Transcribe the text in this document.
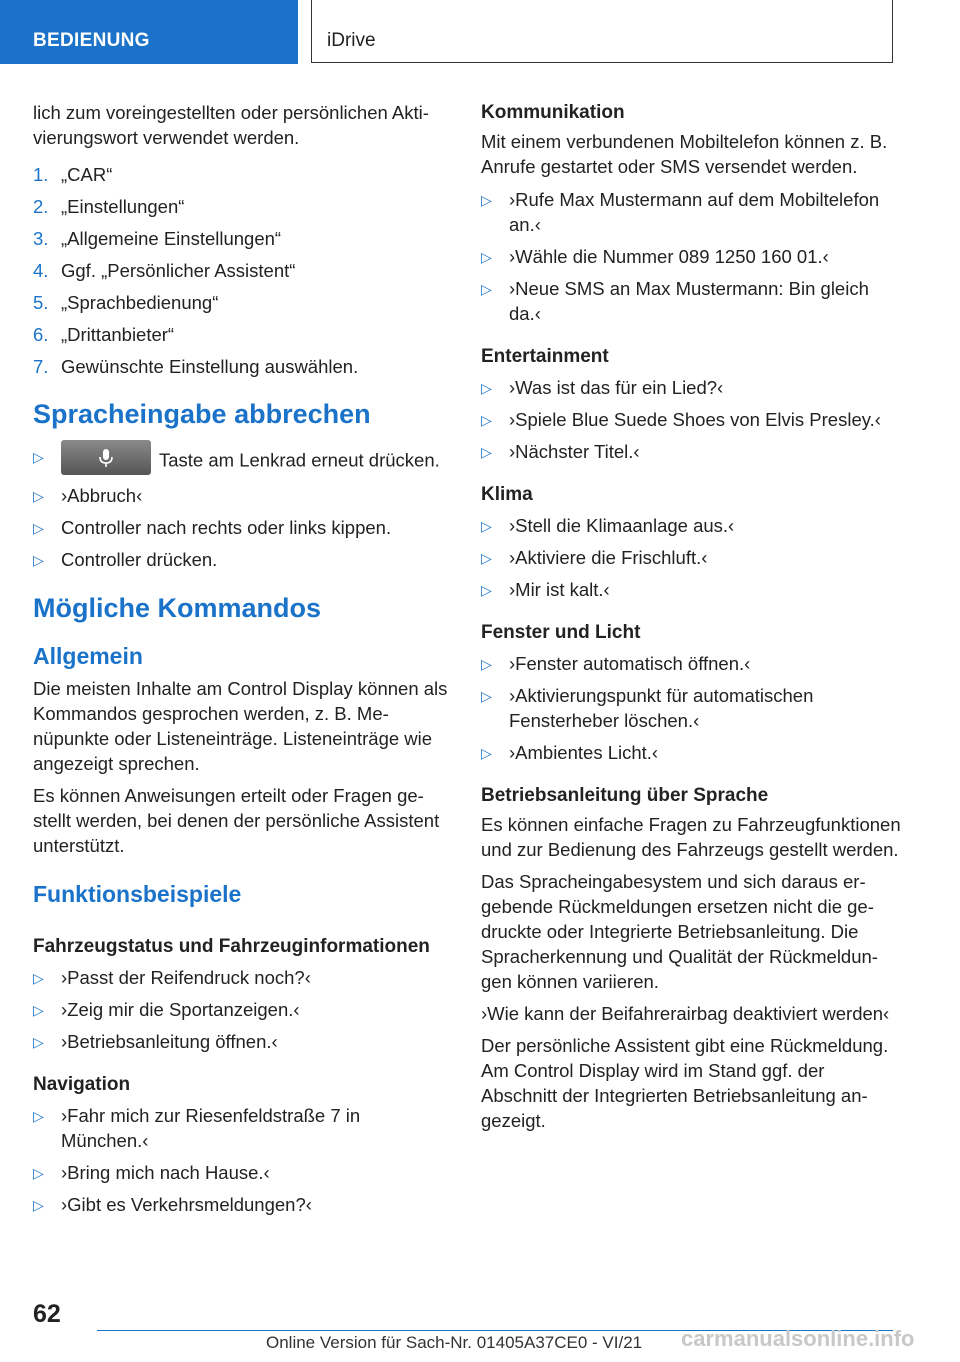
BEDIENUNG	iDrive

lich zum voreingestellten oder persönlichen Aktivierungswort verwendet werden.

1. „CAR“
2. „Einstellungen“
3. „Allgemeine Einstellungen“
4. Ggf. „Persönlicher Assistent“
5. „Sprachbedienung“
6. „Drittanbieter“
7. Gewünschte Einstellung auswählen.
Spracheingabe abbrechen
▷	Taste am Lenkrad erneut drücken.
▷ ›Abbruch‹
▷ Controller nach rechts oder links kippen.
▷ Controller drücken.
Mögliche Kommandos
Allgemein

Die meisten Inhalte am Control Display können als Kommandos gesprochen werden, z. B. Menüpunkte oder Listeneinträge. Listeneinträge wie angezeigt sprechen.

Es können Anweisungen erteilt oder Fragen gestellt werden, bei denen der persönliche Assistent unterstützt.

Funktionsbeispiele
Fahrzeugstatus und Fahrzeuginformationen
▷ ›Passt der Reifendruck noch?‹
▷ ›Zeig mir die Sportanzeigen.‹
▷ ›Betriebsanleitung öffnen.‹
Navigation
▷ ›Fahr mich zur Riesenfeldstraße 7 in München.‹
▷ ›Bring mich nach Hause.‹
▷ ›Gibt es Verkehrsmeldungen?‹
Kommunikation

Mit einem verbundenen Mobiltelefon können z. B. Anrufe gestartet oder SMS versendet werden.

▷ ›Rufe Max Mustermann auf dem Mobiltelefon an.‹
▷ ›Wähle die Nummer 089 1250 160 01.‹
▷ ›Neue SMS an Max Mustermann: Bin gleich da.‹
Entertainment
▷ ›Was ist das für ein Lied?‹
▷ ›Spiele Blue Suede Shoes von Elvis Presley.‹
▷ ›Nächster Titel.‹
Klima
▷ ›Stell die Klimaanlage aus.‹
▷ ›Aktiviere die Frischluft.‹
▷ ›Mir ist kalt.‹
Fenster und Licht
▷ ›Fenster automatisch öffnen.‹
▷ ›Aktivierungspunkt für automatischen Fensterheber löschen.‹
▷ ›Ambientes Licht.‹
Betriebsanleitung über Sprache

Es können einfache Fragen zu Fahrzeugfunktionen und zur Bedienung des Fahrzeugs gestellt werden.

Das Spracheingabesystem und sich daraus ergebende Rückmeldungen ersetzen nicht die gedruckte oder Integrierte Betriebsanleitung. Die Spracherkennung und Qualität der Rückmeldungen können variieren.

›Wie kann der Beifahrerairbag deaktiviert werden‹

Der persönliche Assistent gibt eine Rückmeldung. Am Control Display wird im Stand ggf. der Abschnitt der Integrierten Betriebsanleitung angezeigt.

62
Online Version für Sach-Nr. 01405A37CE0 - VI/21 carmanualsonline.info
